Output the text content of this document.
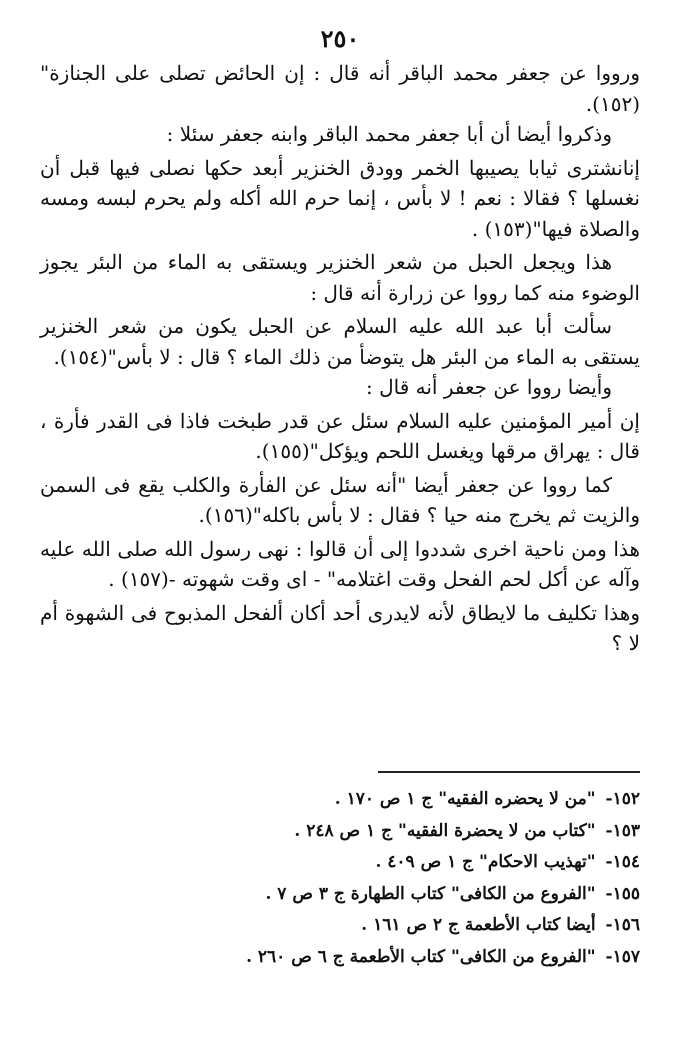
٢٥٠

ورووا عن جعفر محمد الباقر أنه قال : إن الحائض تصلى على الجنازة"(١٥٢).

وذكروا أيضا أن أبا جعفر محمد الباقر وابنه جعفر سئلا :

إنانشترى ثيابا يصيبها الخمر وودق الخنزير أبعد حكها نصلى فيها قبل أن نغسلها ؟ فقالا : نعم ! لا بأس ، إنما حرم الله أكله ولم يحرم لبسه ومسه والصلاة فيها"(١٥٣) .

هذا ويجعل الحبل من شعر الخنزير ويستقى به الماء من البئر يجوز الوضوء منه كما رووا عن زرارة أنه قال :

سألت أبا عبد الله عليه السلام عن الحبل يكون من شعر الخنزير يستقى به الماء من البئر هل يتوضأ من ذلك الماء ؟ قال : لا بأس"(١٥٤).

وأيضا رووا عن جعفر أنه قال :

إن أمير المؤمنين عليه السلام سئل عن قدر طبخت فاذا فى القدر فأرة ، قال : يهراق مرقها ويغسل اللحم ويؤكل"(١٥٥).

كما رووا عن جعفر أيضا "أنه سئل عن الفأرة والكلب يقع فى السمن والزيت ثم يخرج منه حيا ؟ فقال : لا بأس باكله"(١٥٦).

هذا ومن ناحية اخرى شددوا إلى أن قالوا : نهى رسول الله صلى الله عليه وآله عن أكل لحم الفحل وقت اغتلامه" - اى وقت شهوته -(١٥٧) .

وهذا تكليف ما لايطاق لأنه لايدرى أحد أكان ألفحل المذبوح فى الشهوة أم لا ؟

١٥٢- "من لا يحضره الفقيه" ج ١ ص ١٧٠ .

١٥٣- "كتاب من لا يحضرة الفقيه" ج ١ ص ٢٤٨ .

١٥٤- "تهذيب الاحكام" ج ١ ص ٤٠٩ .

١٥٥- "الفروع من الكافى" كتاب الطهارة ج ٣ ص ٧ .

١٥٦- أيضا كتاب الأطعمة ج ٢ ص ١٦١ .

١٥٧- "الفروع من الكافى" كتاب الأطعمة ج ٦ ص ٢٦٠ .
